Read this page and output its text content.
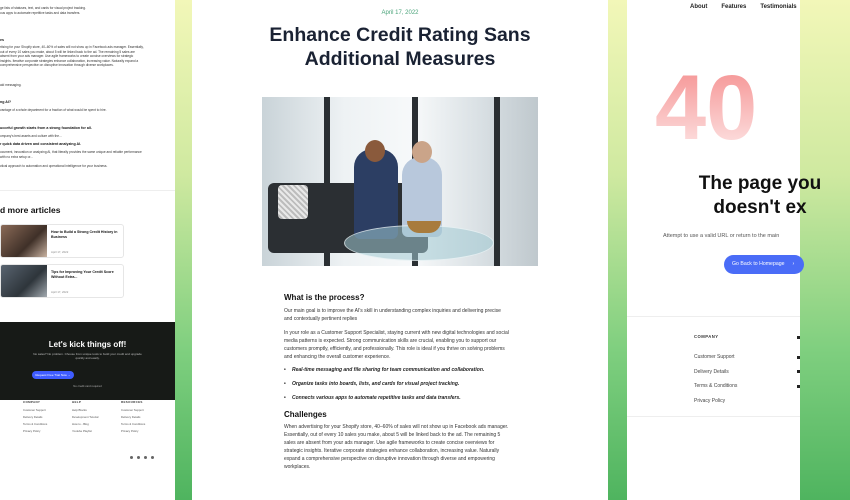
ge lists of statuses, text, and cards for visual project tracking.
ous apps to automate repetitive tasks and data transfers.
es
rtising for your Shopify store, 40–60% of sales will not show up in Facebook ads manager. Essentially, out of every 10 sales you make, about 5 will be linked back to the ad. The remaining 5 sales are absent from your ads manager. Use agile frameworks to create concise overviews for strategic insights. Iterative corporate strategies enhance collaboration, increasing value. Naturally expand a comprehensive perspective on disruptive innovation through diverse workplaces.
aid messaging.
ng AI?
vantage of a whole department for a fraction of what would be spent to hire.
ucceful growth starts from a strong foundation for all.
ompany's best assets and culture with the...
r quick data driven and consistent analyzing AI.
ocument, innovation or analyzing AI, that literally provides the same unique and reliable performance with no extra setup or...
ctical approach to automation and operational intelligence for your business.
d more articles
How to Build a Strong Credit History in Business
April 17, 2022
Tips for Improving Your Credit Score Without Extra...
April 17, 2022
Let's kick things off!
No sales? No problem. Choose from unique tools to build your credit and upgrade quickly and easily.
Request Free Trial Now →
No credit card required
COMPANY
Customer Support
Delivery Details
Terms & Conditions
Privacy Policy
HELP
Help Blocks
Development Tutorial
How to - Blog
Youtube Playlist
RESOURCES
Customer Support
Delivery Details
Terms & Conditions
Privacy Policy
April 17, 2022
Enhance Credit Rating Sans Additional Measures
What is the process?
Our main goal is to improve the AI's skill in understanding complex inquiries and delivering precise and contextually pertinent replies
In your role as a Customer Support Specialist, staying current with new digital technologies and social media patterns is expected. Strong communication skills are crucial, enabling you to support our customers promptly, efficiently, and professionally. This role is ideal if you thrive on solving problems and enhancing the overall customer experience.
• Real-time messaging and file sharing for team communication and collaboration.
• Organize tasks into boards, lists, and cards for visual project tracking.
• Connects various apps to automate repetitive tasks and data transfers.
Challenges
When advertising for your Shopify store, 40–60% of sales will not show up in Facebook ads manager. Essentially, out of every 10 sales you make, about 5 will be linked back to the ad. The remaining 5 sales are absent from your ads manager. Use agile frameworks to create concise overviews for strategic insights. Iterative corporate strategies enhance collaboration, increasing value. Naturally expand a comprehensive perspective on disruptive innovation through diverse and empowering workplaces.
About Features Testimonials
40
The page you
doesn't ex
Attempt to use a valid URL or return to the main
Go Back to Homepage ›
COMPANY
Customer Support
Delivery Details
Terms & Conditions
Privacy Policy
